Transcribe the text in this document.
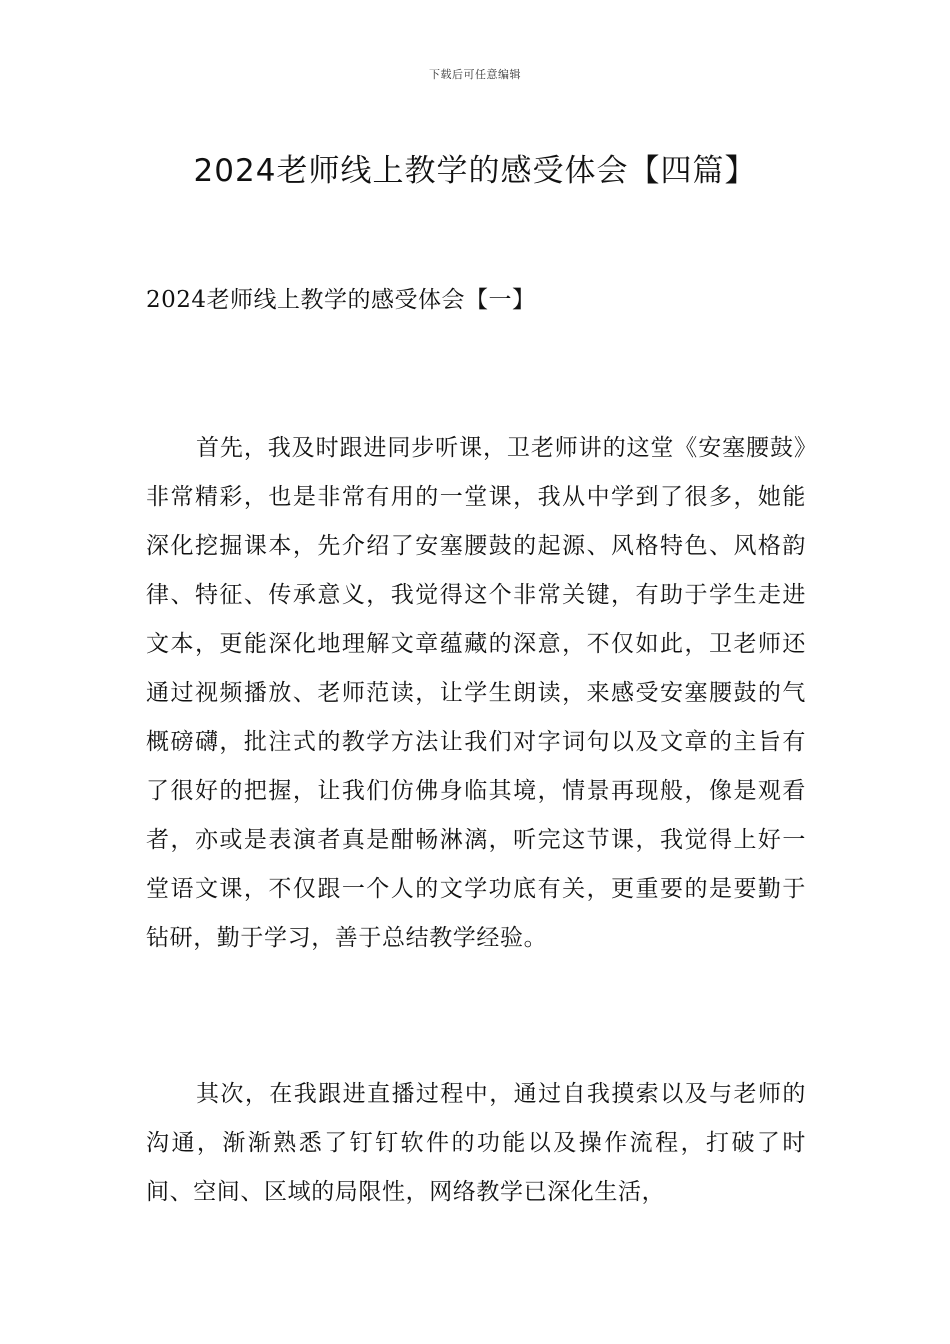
下载后可任意编辑
2024老师线上教学的感受体会【四篇】
2024老师线上教学的感受体会【一】

首先，我及时跟进同步听课，卫老师讲的这堂《安塞腰鼓》非常精彩，也是非常有用的一堂课，我从中学到了很多，她能深化挖掘课本，先介绍了安塞腰鼓的起源、风格特色、风格韵律、特征、传承意义，我觉得这个非常关键，有助于学生走进文本，更能深化地理解文章蕴藏的深意，不仅如此，卫老师还通过视频播放、老师范读，让学生朗读，来感受安塞腰鼓的气概磅礴，批注式的教学方法让我们对字词句以及文章的主旨有了很好的把握，让我们仿佛身临其境，情景再现般，像是观看者，亦或是表演者真是酣畅淋漓，听完这节课，我觉得上好一堂语文课，不仅跟一个人的文学功底有关，更重要的是要勤于钻研，勤于学习，善于总结教学经验。

其次，在我跟进直播过程中，通过自我摸索以及与老师的沟通，渐渐熟悉了钉钉软件的功能以及操作流程，打破了时间、空间、区域的局限性，网络教学已深化生活，
